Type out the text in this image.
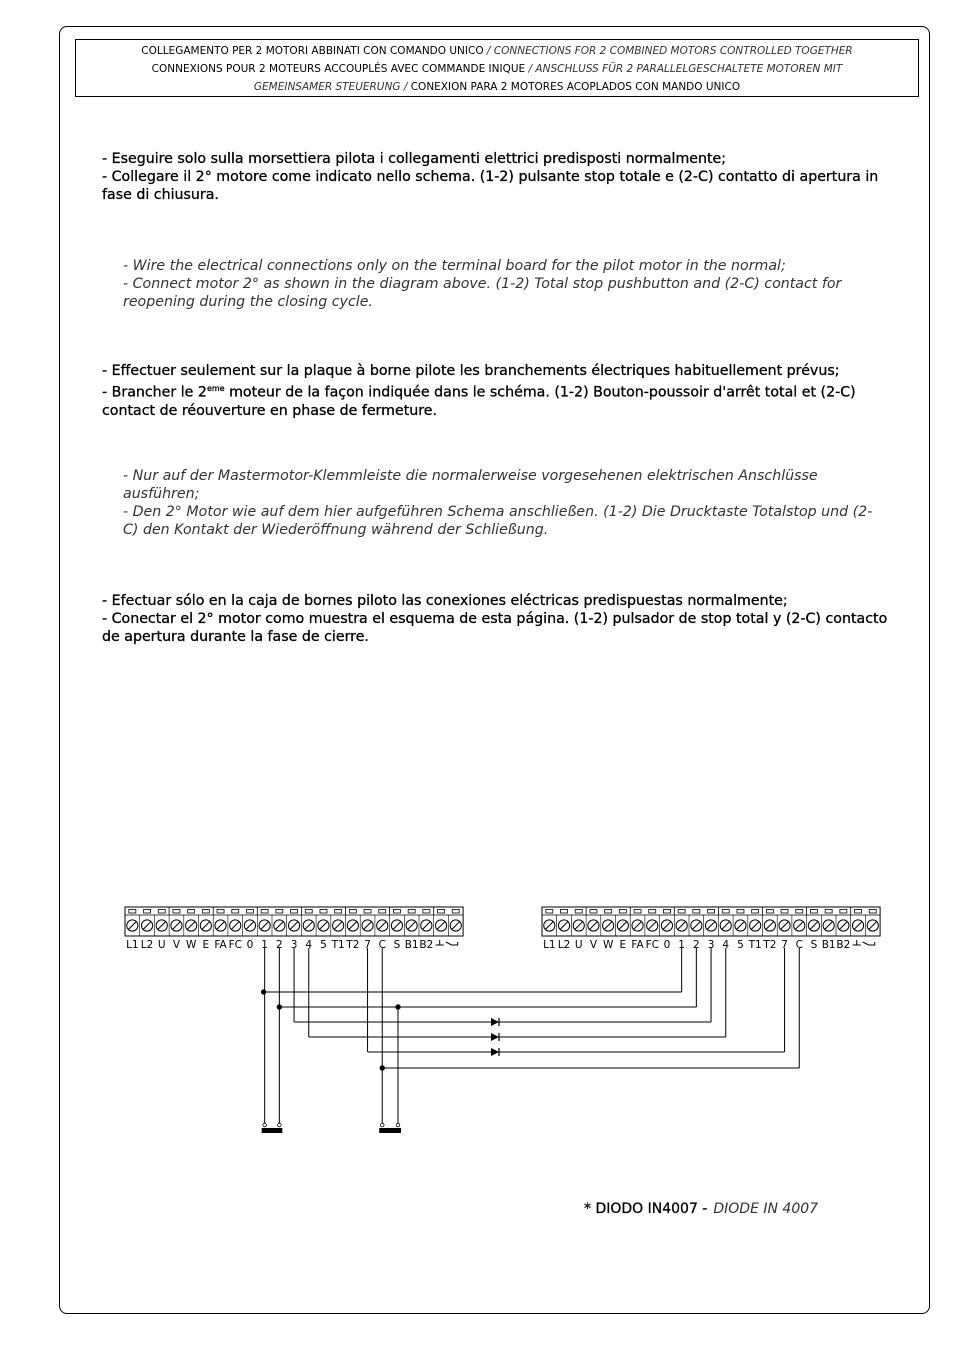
COLLEGAMENTO PER 2 MOTORI ABBINATI CON COMANDO UNICO / CONNECTIONS FOR 2 COMBINED MOTORS CONTROLLED TOGETHER
CONNEXIONS POUR 2 MOTEURS ACCOUPLÉS AVEC COMMANDE INIQUE / ANSCHLUSS FÜR 2 PARALLELGESCHALTETE MOTOREN MIT
GEMEINSAMER STEUERUNG / CONEXION PARA 2 MOTORES ACOPLADOS CON MANDO UNICO
- Eseguire solo sulla morsettiera pilota i collegamenti elettrici predisposti normalmente;
- Collegare il 2° motore come indicato nello schema. (1-2) pulsante stop totale e (2-C) contatto di apertura in fase di chiusura.
- Wire the electrical connections only on the terminal board for the pilot motor in the normal;
- Connect motor 2° as shown in the diagram above. (1-2) Total stop pushbutton and (2-C) contact for reopening during the closing cycle.
- Effectuer seulement sur la plaque à borne pilote les branchements électriques habituellement prévus;
- Brancher le 2eme moteur de la façon indiquée dans le schéma. (1-2) Bouton-poussoir d'arrêt total et (2-C) contact de réouverture en phase de fermeture.
- Nur auf der Mastermotor-Klemmleiste die normalerweise vorgesehenen elektrischen Anschlüsse ausführen;
- Den 2° Motor wie auf dem hier aufgeführen Schema anschließen. (1-2) Die Drucktaste Totalstop und (2-C) den Kontakt der Wiederöffnung während der Schließung.
- Efectuar sólo en la caja de bornes piloto las conexiones eléctricas predispuestas normalmente;
- Conectar el 2° motor como muestra el esquema de esta página. (1-2) pulsador de stop total y (2-C) contacto de apertura durante la fase de cierre.
L1 L2 U V W E FA FC 0 1 2 3 4 5 T1 T2 7 C S B1 B2	L1 L2 U V W E FA FC 0 1 2 3 4 5 T1 T2 7 C S B1 B2
* DIODO IN4007 - DIODE IN 4007
